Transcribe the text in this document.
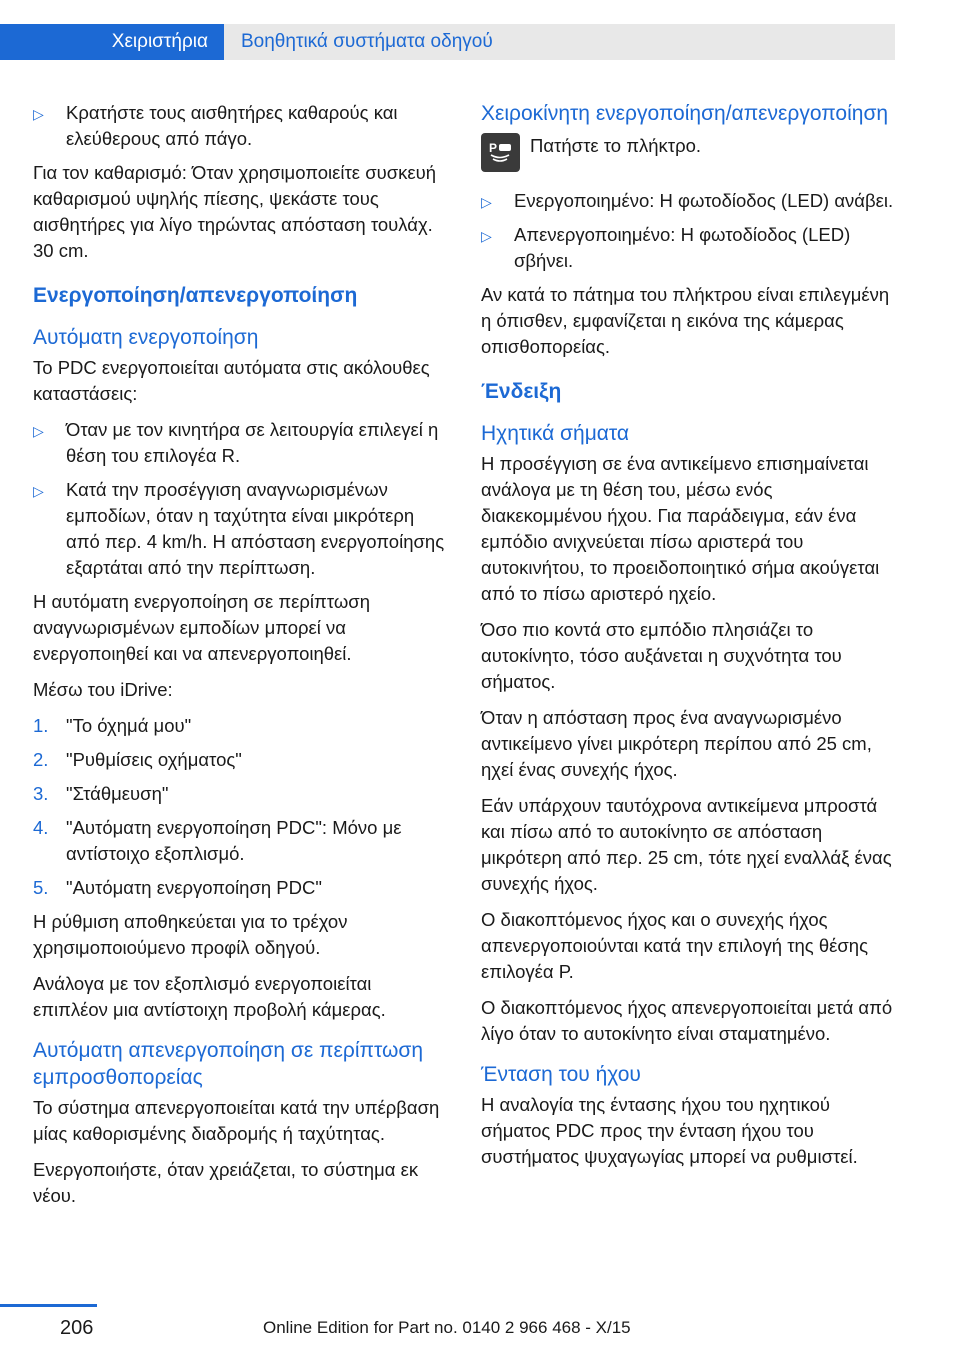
Χειριστήρια	Βοηθητικά συστήματα οδηγού
▷ Κρατήστε τους αισθητήρες καθαρούς και ελεύθερους από πάγο.

Για τον καθαρισμό: Όταν χρησιμοποιείτε συσκευή καθαρισμού υψηλής πίεσης, ψεκάστε τους αισθητήρες για λίγο τηρώντας απόσταση τουλάχ. 30 cm.

Ενεργοποίηση/απενεργοποίηση
Αυτόματη ενεργοποίηση

Το PDC ενεργοποιείται αυτόματα στις ακόλουθες καταστάσεις:

▷ Όταν με τον κινητήρα σε λειτουργία επιλεγεί η θέση του επιλογέα R.
▷ Κατά την προσέγγιση αναγνωρισμένων εμποδίων, όταν η ταχύτητα είναι μικρότερη από περ. 4 km/h. Η απόσταση ενεργοποίησης εξαρτάται από την περίπτωση.

Η αυτόματη ενεργοποίηση σε περίπτωση αναγνωρισμένων εμποδίων μπορεί να ενεργοποιηθεί και να απενεργοποιηθεί.

Μέσω του iDrive:

1. "Το όχημά μου"
2. "Ρυθμίσεις οχήματος"
3. "Στάθμευση"
4. "Αυτόματη ενεργοποίηση PDC": Μόνο με αντίστοιχο εξοπλισμό.
5. "Αυτόματη ενεργοποίηση PDC"

Η ρύθμιση αποθηκεύεται για το τρέχον χρησιμοποιούμενο προφίλ οδηγού.

Ανάλογα με τον εξοπλισμό ενεργοποιείται επιπλέον μια αντίστοιχη προβολή κάμερας.

Αυτόματη απενεργοποίηση σε περίπτωση εμπροσθοπορείας

Το σύστημα απενεργοποιείται κατά την υπέρβαση μίας καθορισμένης διαδρομής ή ταχύτητας.

Ενεργοποιήστε, όταν χρειάζεται, το σύστημα εκ νέου.

Χειροκίνητη ενεργοποίηση/απενεργοποίηση
P Πατήστε το πλήκτρο.

▷ Ενεργοποιημένο: Η φωτοδίοδος (LED) ανάβει.
▷ Απενεργοποιημένο: Η φωτοδίοδος (LED) σβήνει.

Αν κατά το πάτημα του πλήκτρου είναι επιλεγμένη η όπισθεν, εμφανίζεται η εικόνα της κάμερας οπισθοπορείας.

Ένδειξη
Ηχητικά σήματα

Η προσέγγιση σε ένα αντικείμενο επισημαίνεται ανάλογα με τη θέση του, μέσω ενός διακεκομμένου ήχου. Για παράδειγμα, εάν ένα εμπόδιο ανιχνεύεται πίσω αριστερά του αυτοκινήτου, το προειδοποιητικό σήμα ακούγεται από το πίσω αριστερό ηχείο.

Όσο πιο κοντά στο εμπόδιο πλησιάζει το αυτοκίνητο, τόσο αυξάνεται η συχνότητα του σήματος.

Όταν η απόσταση προς ένα αναγνωρισμένο αντικείμενο γίνει μικρότερη περίπου από 25 cm, ηχεί ένας συνεχής ήχος.

Εάν υπάρχουν ταυτόχρονα αντικείμενα μπροστά και πίσω από το αυτοκίνητο σε απόσταση μικρότερη από περ. 25 cm, τότε ηχεί εναλλάξ ένας συνεχής ήχος.

Ο διακοπτόμενος ήχος και ο συνεχής ήχος απενεργοποιούνται κατά την επιλογή της θέσης επιλογέα P.

Ο διακοπτόμενος ήχος απενεργοποιείται μετά από λίγο όταν το αυτοκίνητο είναι σταματημένο.

Ένταση του ήχου

Η αναλογία της έντασης ήχου του ηχητικού σήματος PDC προς την ένταση ήχου του συστήματος ψυχαγωγίας μπορεί να ρυθμιστεί.

206	Online Edition for Part no. 0140 2 966 468 - X/15
